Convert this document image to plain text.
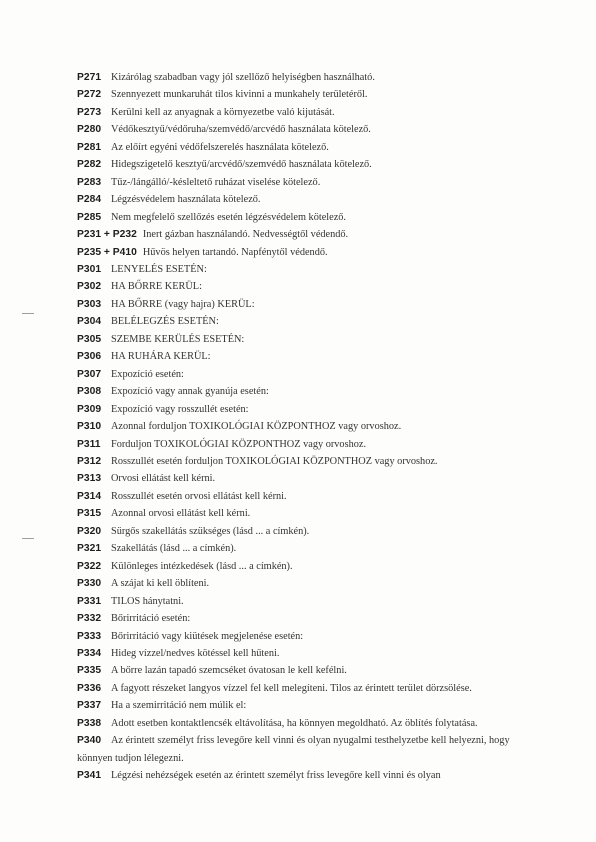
P271 Kizárólag szabadban vagy jól szellőző helyiségben használható.
P272 Szennyezett munkaruhát tilos kivinni a munkahely területéről.
P273 Kerülni kell az anyagnak a környezetbe való kijutását.
P280 Védőkesztyű/védőruha/szemvédő/arcvédő használata kötelező.
P281 Az előírt egyéni védőfelszerelés használata kötelező.
P282 Hidegszigetelő kesztyű/arcvédő/szemvédő használata kötelező.
P283 Tűz-/lángálló/-késleltető ruházat viselése kötelező.
P284 Légzésvédelem használata kötelező.
P285 Nem megfelelő szellőzés esetén légzésvédelem kötelező.
P231 + P232 Inert gázban használandó. Nedvességtől védendő.
P235 + P410 Hűvös helyen tartandó. Napfénytől védendő.
P301 LENYELÉS ESETÉN:
P302 HA BŐRRE KERÜL:
P303 HA BŐRRE (vagy hajra) KERÜL:
P304 BELÉLEGZÉS ESETÉN:
P305 SZEMBE KERÜLÉS ESETÉN:
P306 HA RUHÁRA KERÜL:
P307 Expozíció esetén:
P308 Expozíció vagy annak gyanúja esetén:
P309 Expozíció vagy rosszullét esetén:
P310 Azonnal forduljon TOXIKOLÓGIAI KÖZPONTHOZ vagy orvoshoz.
P311 Forduljon TOXIKOLÓGIAI KÖZPONTHOZ vagy orvoshoz.
P312 Rosszullét esetén forduljon TOXIKOLÓGIAI KÖZPONTHOZ vagy orvoshoz.
P313 Orvosi ellátást kell kérni.
P314 Rosszullét esetén orvosi ellátást kell kérni.
P315 Azonnal orvosi ellátást kell kérni.
P320 Sürgős szakellátás szükséges (lásd ... a címkén).
P321 Szakellátás (lásd ... a címkén).
P322 Különleges intézkedések (lásd ... a címkén).
P330 A szájat ki kell öblíteni.
P331 TILOS hánytatni.
P332 Bőrirritáció esetén:
P333 Bőrirritáció vagy kiütések megjelenése esetén:
P334 Hideg vízzel/nedves kötéssel kell hűteni.
P335 A bőrre lazán tapadó szemcséket óvatosan le kell kefélni.
P336 A fagyott részeket langyos vízzel fel kell melegíteni. Tilos az érintett terület dörzsölése.
P337 Ha a szemirritáció nem múlik el:
P338 Adott esetben kontaktlencsék eltávolítása, ha könnyen megoldható. Az öblítés folytatása.
P340 Az érintett személyt friss levegőre kell vinni és olyan nyugalmi testhelyzetbe kell helyezni, hogy könnyen tudjon lélegezni.
P341 Légzési nehézségek esetén az érintett személyt friss levegőre kell vinni és olyan
